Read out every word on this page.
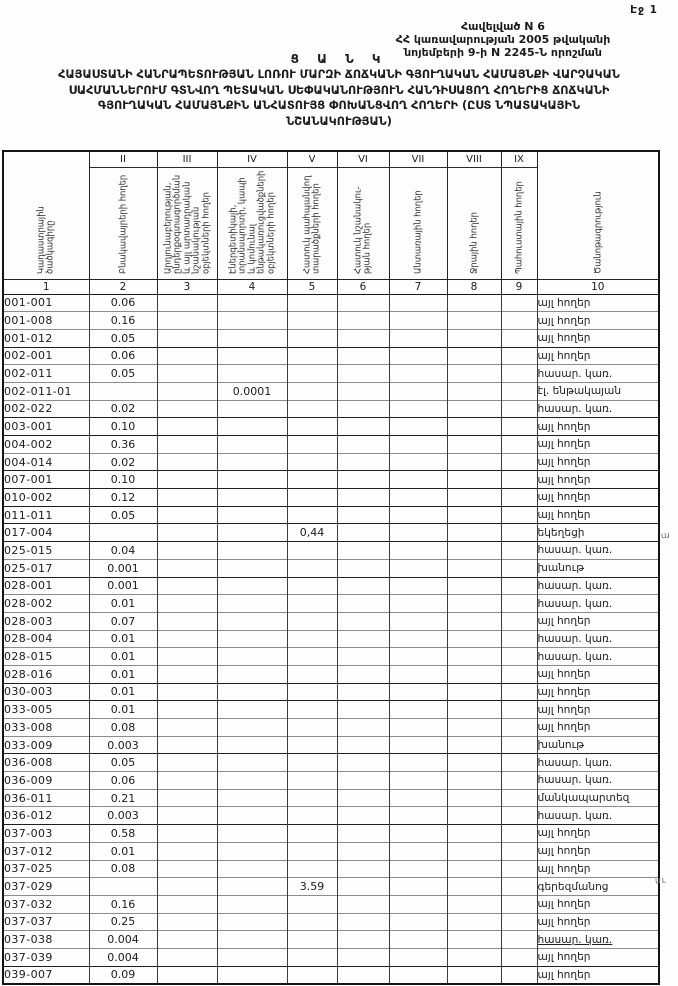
Էջ 1
Հավելված N 6
ՀՀ կառավարության 2005 թվականի
նոյեմբերի 9-ի N 2245-Ն որոշման
Ց Ա Ն Կ
ՀԱՅԱՍՏԱՆԻ ՀԱՆՐԱՊԵՏՈՒԹՅԱՆ ԼՈՌՈՒ ՄԱՐԶԻ ՃՈՃԿԱՆԻ ԳՅՈՒՂԱԿԱՆ ՀԱՄԱՅՆՔԻ ՎԱՐՉԱԿԱՆ
ՍԱՀՄԱՆՆԵՐՈՒՄ ԳՏՆՎՈՂ ՊԵՏԱԿԱՆ ՍԵՓԱԿԱՆՈՒԹՅՈՒՆ ՀԱՆԴԻՍԱՑՈՂ ՀՈՂԵՐԻՑ ՃՈՃԿԱՆԻ
ԳՅՈՒՂԱԿԱՆ ՀԱՄԱՅՆՔԻՆ ԱՆՀԱՏՈՒՅՑ ՓՈԽԱՆՑՎՈՂ ՀՈՂԵՐԻ (ԸՍՏ ՆՊԱՏԱԿԱՅԻՆ
ՆՇԱՆԱԿՈՒԹՅԱՆ)
Կադաստրային ծածկագիրը	II	III	IV	V	VI	VII	VIII	IX	Ծանոթագրություն

	Բնակավայրերի հողեր	Արդյունաբերության, ընդերքօգտագործման և այլ արտադրական նշանակության օբյեկտների հողեր	Էներգետիկայի, տրանսպորտի, կապի և կոմունալ ենթակառուցվածքների օբյեկտների հողեր	Հատուկ պահպանվող տարածքների հողեր	Հատուկ նշանակու- թյան հողեր	Անտառային հողեր	Ջրային հողեր	Պահուստային հողեր	

1	2	3	4	5	6	7	8	9	10
001-001	0.06								այլ հողեր
001-008	0.16								այլ հողեր
001-012	0.05								այլ հողեր
002-001	0.06								այլ հողեր
002-011	0.05								հասար. կառ.
002-011-01			0.0001						էլ. ենթակայան
002-022	0.02								հասար. կառ.
003-001	0.10								այլ հողեր
004-002	0.36								այլ հողեր
004-014	0.02								այլ հողեր
007-001	0.10								այլ հողեր
010-002	0.12								այլ հողեր
011-011	0.05								այլ հողեր
017-004				0,44					եկեղեցի
025-015	0.04								հասար. կառ.
025-017	0.001								խանութ
028-001	0.001								հասար. կառ.
028-002	0.01								հասար. կառ.
028-003	0.07								այլ հողեր
028-004	0.01								հասար. կառ.
028-015	0.01								հասար. կառ.
028-016	0.01								այլ հողեր
030-003	0.01								այլ հողեր
033-005	0.01								այլ հողեր
033-008	0.08								այլ հողեր
033-009	0.003								խանութ
036-008	0.05								հասար. կառ.
036-009	0.06								հասար. կառ.
036-011	0.21								մանկապարտեզ
036-012	0.003								հասար. կառ.
037-003	0.58								այլ հողեր
037-012	0.01								այլ հողեր
037-025	0.08								այլ հողեր
037-029				3.59					գերեզմանոց
037-032	0.16								այլ հողեր
037-037	0.25								այլ հողեր
037-038	0.004								հասար. կառ.
037-039	0.004								այլ հողեր
039-007	0.09								այլ հողեր
ա
սւ
